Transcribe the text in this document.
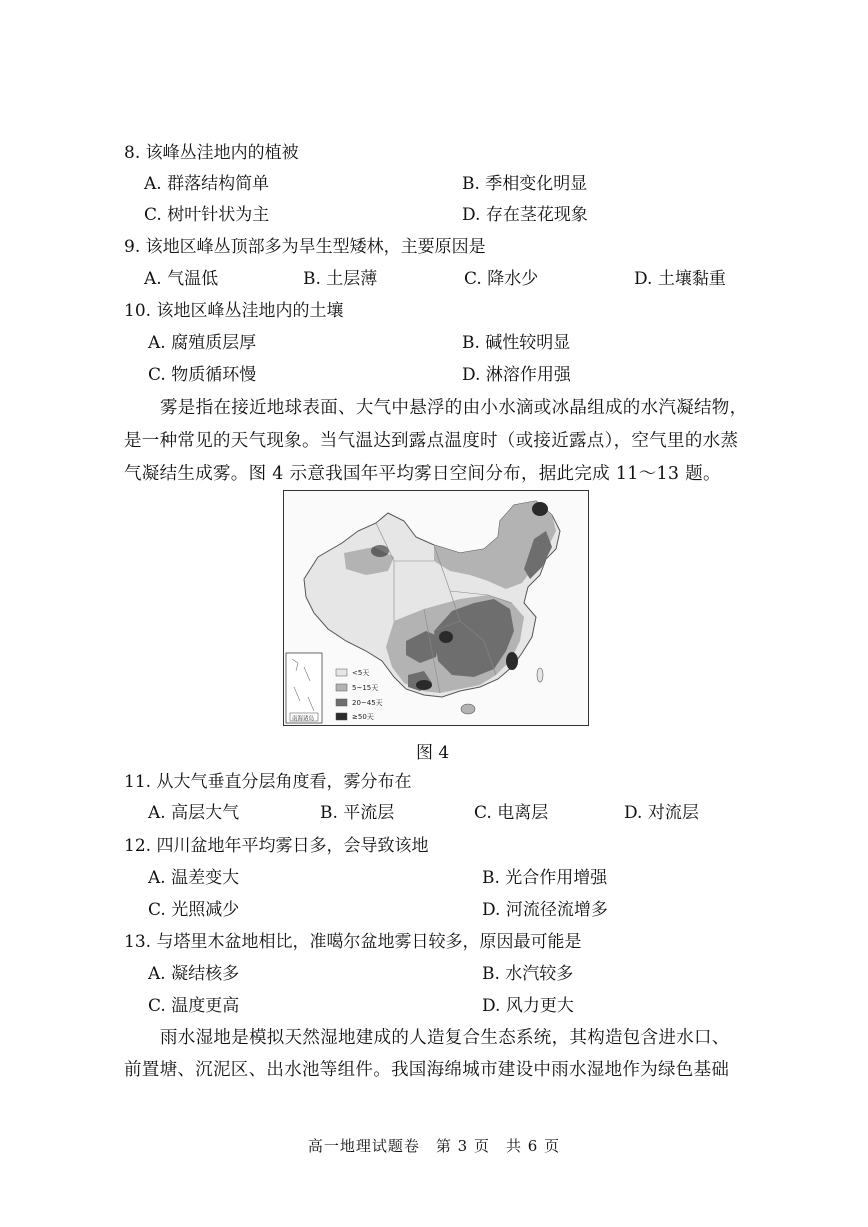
8. 该峰丛洼地内的植被
A. 群落结构简单	B. 季相变化明显
C. 树叶针状为主	D. 存在茎花现象
9. 该地区峰丛顶部多为旱生型矮林，主要原因是
A. 气温低	B. 土层薄	C. 降水少	D. 土壤黏重
10. 该地区峰丛洼地内的土壤
A. 腐殖质层厚	B. 碱性较明显
C. 物质循环慢	D. 淋溶作用强
雾是指在接近地球表面、大气中悬浮的由小水滴或冰晶组成的水汽凝结物，
是一种常见的天气现象。当气温达到露点温度时（或接近露点），空气里的水蒸
气凝结生成雾。图 4 示意我国年平均雾日空间分布，据此完成 11～13 题。
南海诸岛
<5天
5~15天
20~45天
≥50天
图 4
11. 从大气垂直分层角度看，雾分布在
A. 高层大气	B. 平流层	C. 电离层	D. 对流层
12. 四川盆地年平均雾日多，会导致该地
A. 温差变大	B. 光合作用增强
C. 光照减少	D. 河流径流增多
13. 与塔里木盆地相比，准噶尔盆地雾日较多，原因最可能是
A. 凝结核多	B. 水汽较多
C. 温度更高	D. 风力更大
雨水湿地是模拟天然湿地建成的人造复合生态系统，其构造包含进水口、
前置塘、沉泥区、出水池等组件。我国海绵城市建设中雨水湿地作为绿色基础
高一地理试题卷　第 3 页　共 6 页
